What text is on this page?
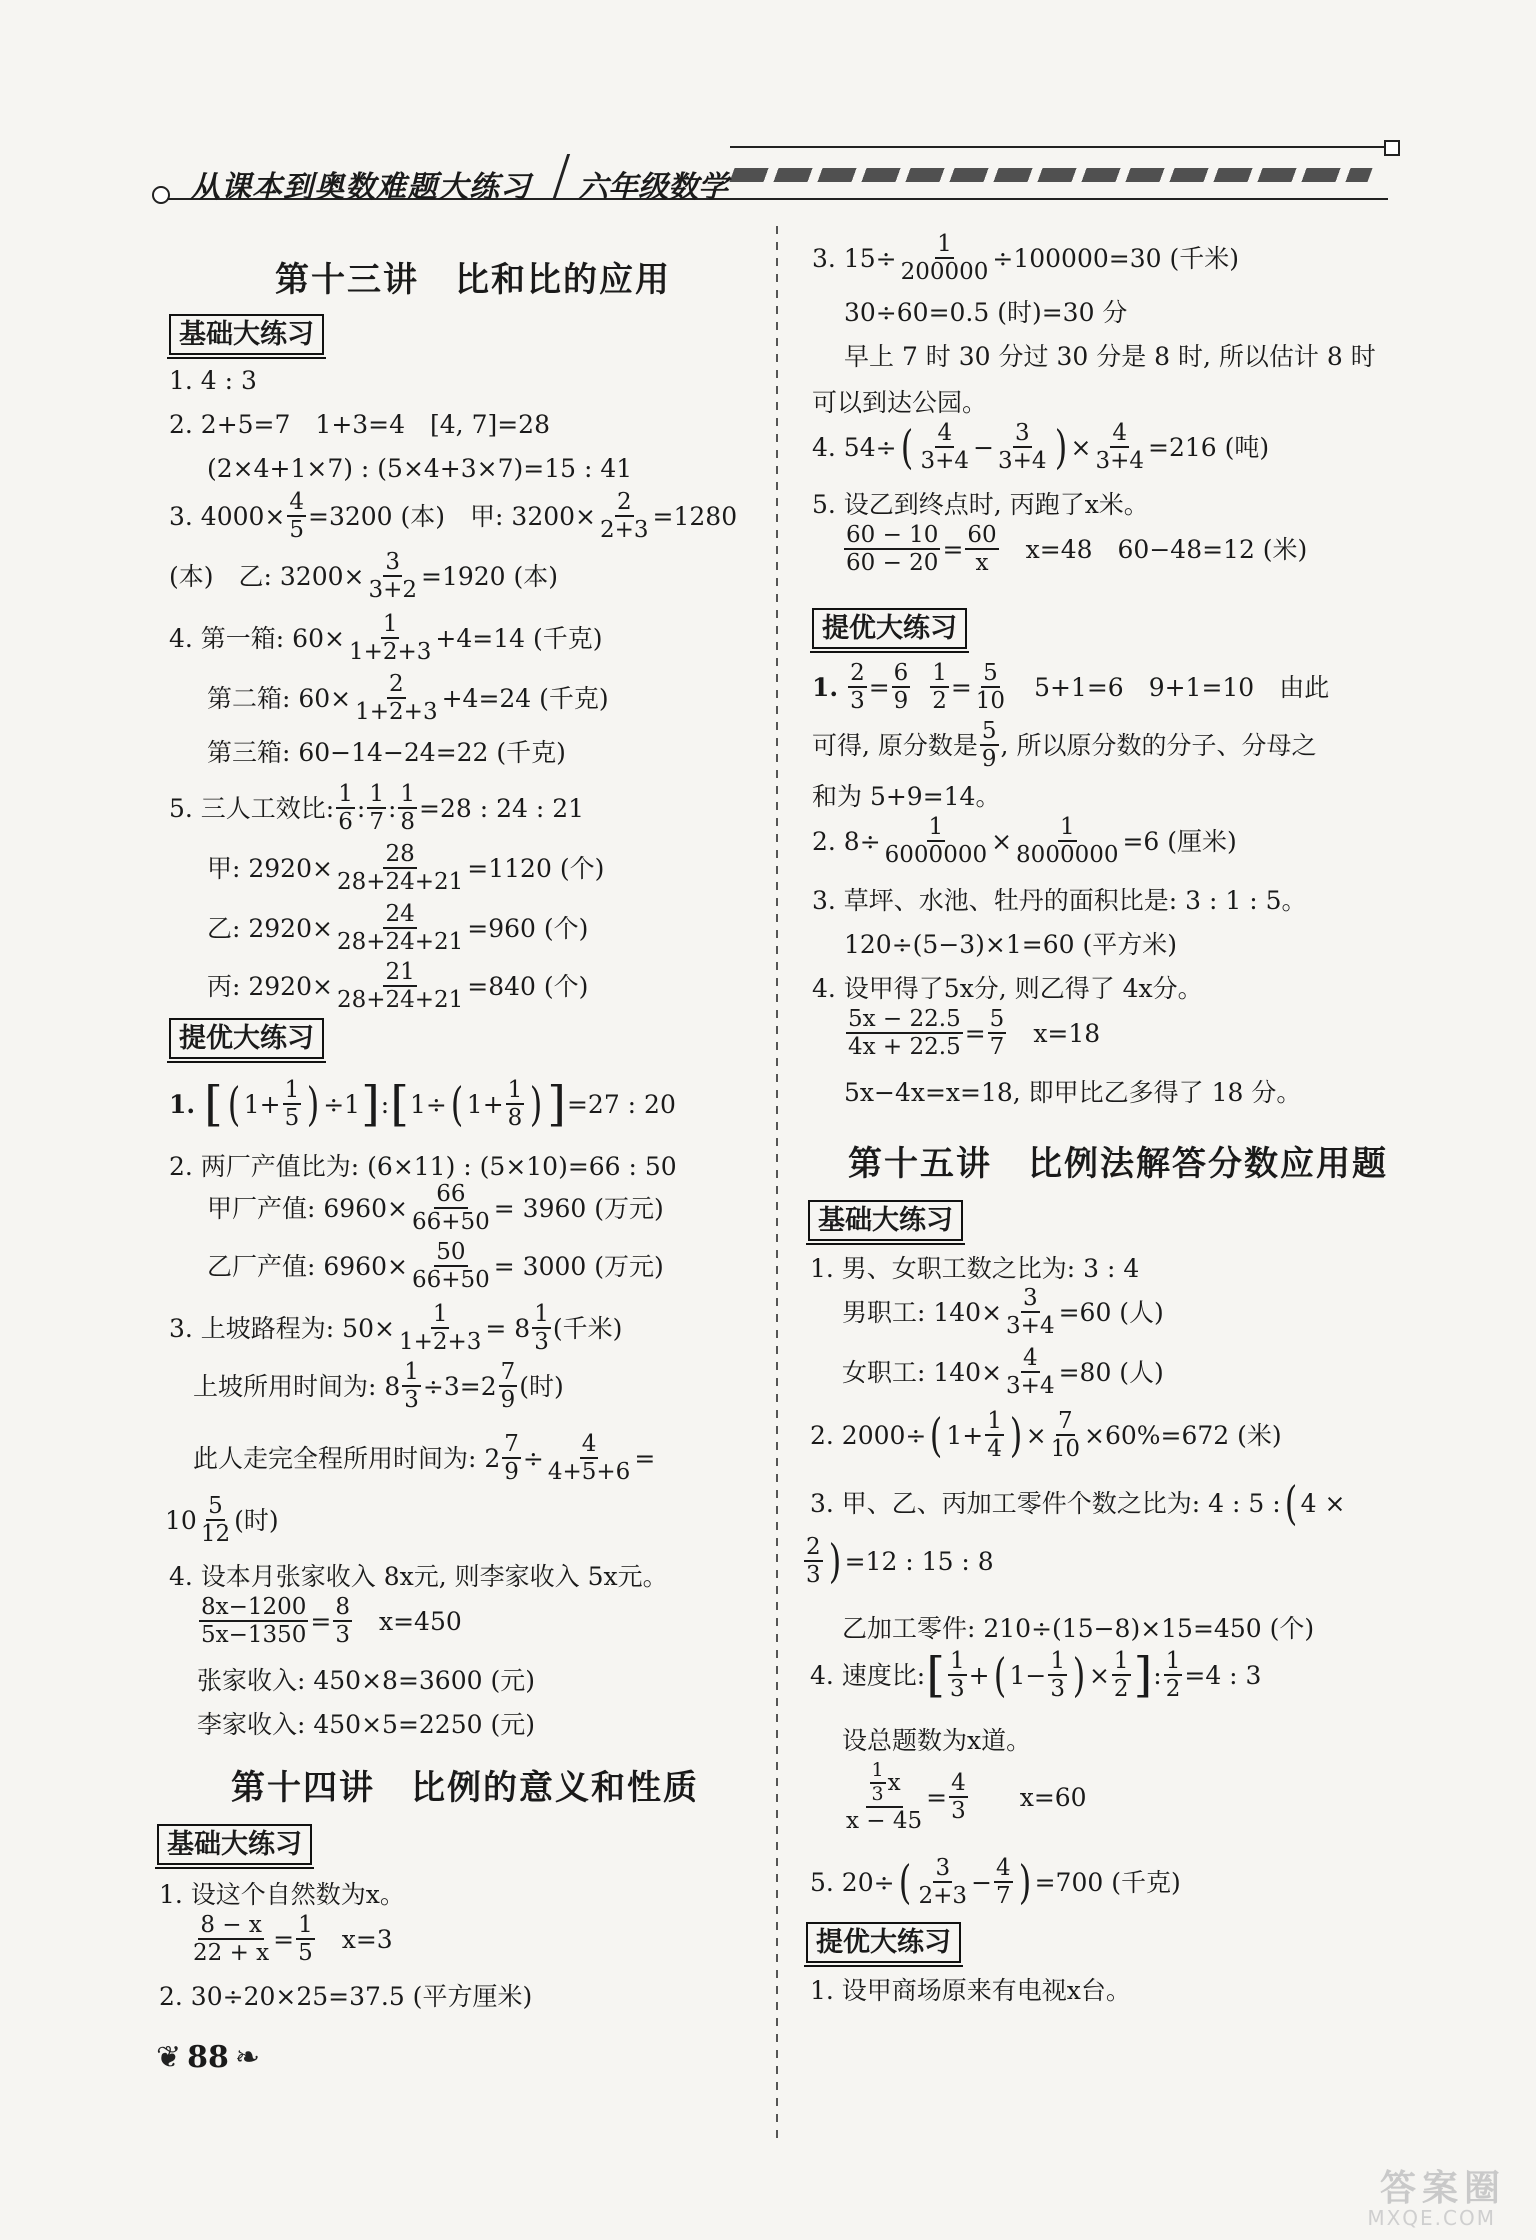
从课本到奥数难题大练习 六年级数学
第十三讲　比和比的应用
基础大练习
1. 4 : 3
2. 2+5=7　1+3=4　[4, 7]=28
(2×4+1×7) : (5×4+3×7)=15 : 41
3. $4000\times \frac{4}{5} =3200$ (本)　甲: $3200\times \frac{2}{2+3} =1280$
(本)　乙: $3200\times \frac{3}{3+2} =1920$ (本)
4. 第一箱: $60\times \frac{1}{1+2+3} +4=14$ (千克)
第二箱: $60\times \frac{2}{1+2+3} +4=24$ (千克)
第三箱: 60−14−24=22 (千克)
5. 三人工效比: 1
6 : 1
7 : $\frac{1}{8} =28$ : 24 : 21
甲: $2920\times \frac{28}{28+24+21} =1120$ (个)
乙: $2920\times \frac{24}{28+24+21} =960$ (个)
丙: $2920\times \frac{21}{28+24+21} =840$ (个)
提优大练习
1.
[ ( $1 + \frac{1}{5}$ ) ÷1 ] : [ 1÷ ( $1 + \frac{1}{8}$ ) ] =27 : 20
2. 两厂产值比为: (6×11) : (5×10)=66 : 50
甲厂产值: $6960\times \frac{66}{66+50} = 3960$ (万元)
乙厂产值: $6960\times \frac{50}{66+50} = 3000$ (万元)
3. 上坡路程为: $50\times \frac{1}{1+2+3} = 8$ 1
3 (千米)
上坡所用时间为: $8 \frac{1}{3} \div 3=2$ 7
9 (时)
此人走完全程所用时间为: $2 \frac{7}{9} \div \frac{4}{4+5+6}$ =
10 5
12 (时)
4. 设本月张家收入 8x元, 则李家收入 5x元。
$\frac{8x-1200}{5x-1350} = \frac{8}{3}$ 　x=450
张家收入: 450×8=3600 (元)
李家收入: 450×5=2250 (元)
第十四讲　比例的意义和性质
基础大练习
1. 设这个自然数为x。
$\frac{8 - x}{22 + x} = \frac{1}{5}$ 　x=3
2. 30÷20×25=37.5 (平方厘米)
3. $15\div \frac{1}{200000} \div 100000=30$ (千米)
30÷60=0.5 (时)=30 分
早上 7 时 30 分过 30 分是 8 时, 所以估计 8 时
可以到达公园。
4. 54÷ ( 4
$3+4 - \frac{3}{3+4}$ ) × $\frac{4}{3+4} =216$ (吨)
5. 设乙到终点时, 丙跑了x米。
$\frac{60 - 10}{60 - 20} = \frac{60}{x}$ 　x=48　60−48=12 (米)
提优大练习
1.
$\frac{2}{3} = \frac{6}{9}$
$\frac{1}{2} = \frac{5}{10}$ 　5+1=6　9+1=10　由此
可得, 原分数是 5
9 , 所以原分数的分子、分母之
和为 5+9=14。
2. $8\div \frac{1}{6000000} \times \frac{1}{8000000} =6$ (厘米)
3. 草坪、水池、牡丹的面积比是: 3 : 1 : 5。
120÷(5−3)×1=60 (平方米)
4. 设甲得了5x分, 则乙得了 4x分。
$\frac{5x - 22.5}{4x + 22.5} = \frac{5}{7}$ 　x=18
5x−4x=x=18, 即甲比乙多得了 18 分。
第十五讲　比例法解答分数应用题
基础大练习
1. 男、女职工数之比为: 3 : 4
男职工: $140\times \frac{3}{3+4} =60$ (人)
女职工: $140\times \frac{4}{3+4} =80$ (人)
2. 2000÷ ( $1+ \frac{1}{4}$ ) × $\frac{7}{10} \times 60\%=672$ (米)
3. 甲、乙、丙加工零件个数之比为: 4 : 5 : ( 4 ×
2
3 ) =12 : 15 : 8
乙加工零件: 210÷(15−8)×15=450 (个)
4. 速度比: [ 1
3 + ( $1- \frac{1}{3}$ ) × $\frac{1}{2}$ ] : $\frac{1}{2} =4$ : 3
设总题数为x道。
1
3 x
$x - 45 = \frac{4}{3}$ 　　x=60
5. 20÷ ( 3
$2+3 - \frac{4}{7}$ ) =700 (千克)
提优大练习
1. 设甲商场原来有电视x台。
❦ 88 ❧
答案圈
MXQE.COM
